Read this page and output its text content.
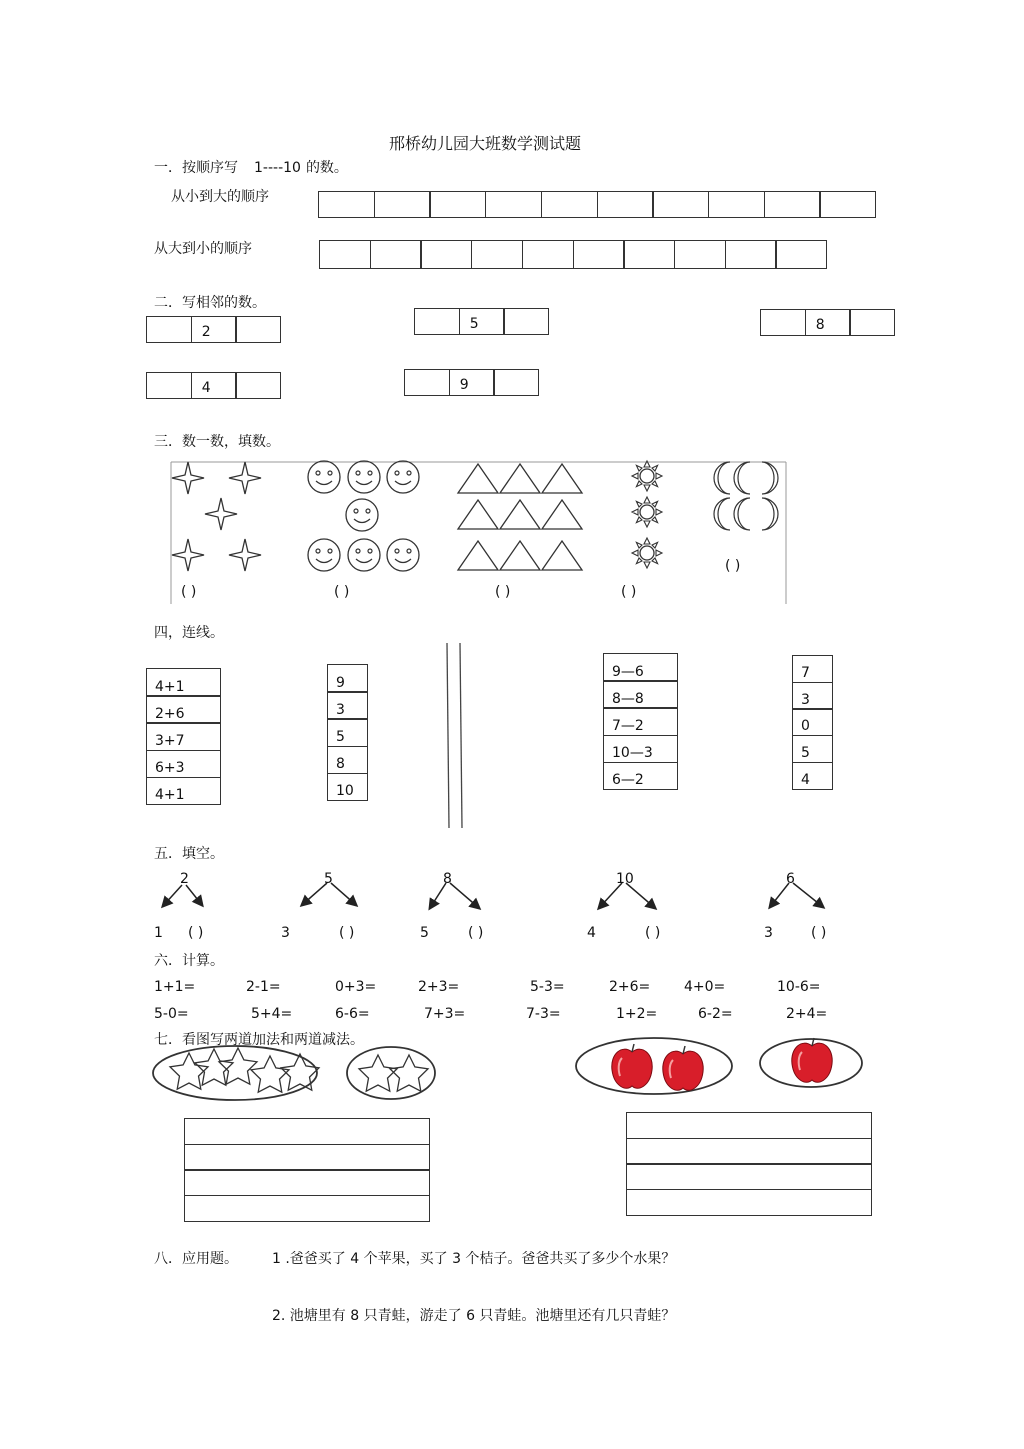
邢桥幼儿园大班数学测试题
一．按顺序写 1----10 的数。
从小到大的顺序
从大到小的顺序
二．写相邻的数。
2	5	8
4	9
三．数一数，填数。
( )	( )	( )	( )
( )
四，连线。
4+1
2+6
3+7
6+3
4+1
9
3
5
8
10
9—6
8—8
7—2
10—3
6—2
7
3
0
5
4
五．填空。
2	5	8	10	6
1 ( )	3	( )	5	( )	4	( )	3	( )
六．计算。
1+1=	2-1=	0+3=	2+3=	5-3=	2+6= 4+0=	10-6=
5-0=	5+4=	6-6=	7+3=	7-3=	1+2=	6-2=	2+4=
七．看图写两道加法和两道减法。
八．应用题。 1 .爸爸买了 4 个苹果，买了 3 个桔子。爸爸共买了多少个水果？
2. 池塘里有 8 只青蛙，游走了 6 只青蛙。池塘里还有几只青蛙？
